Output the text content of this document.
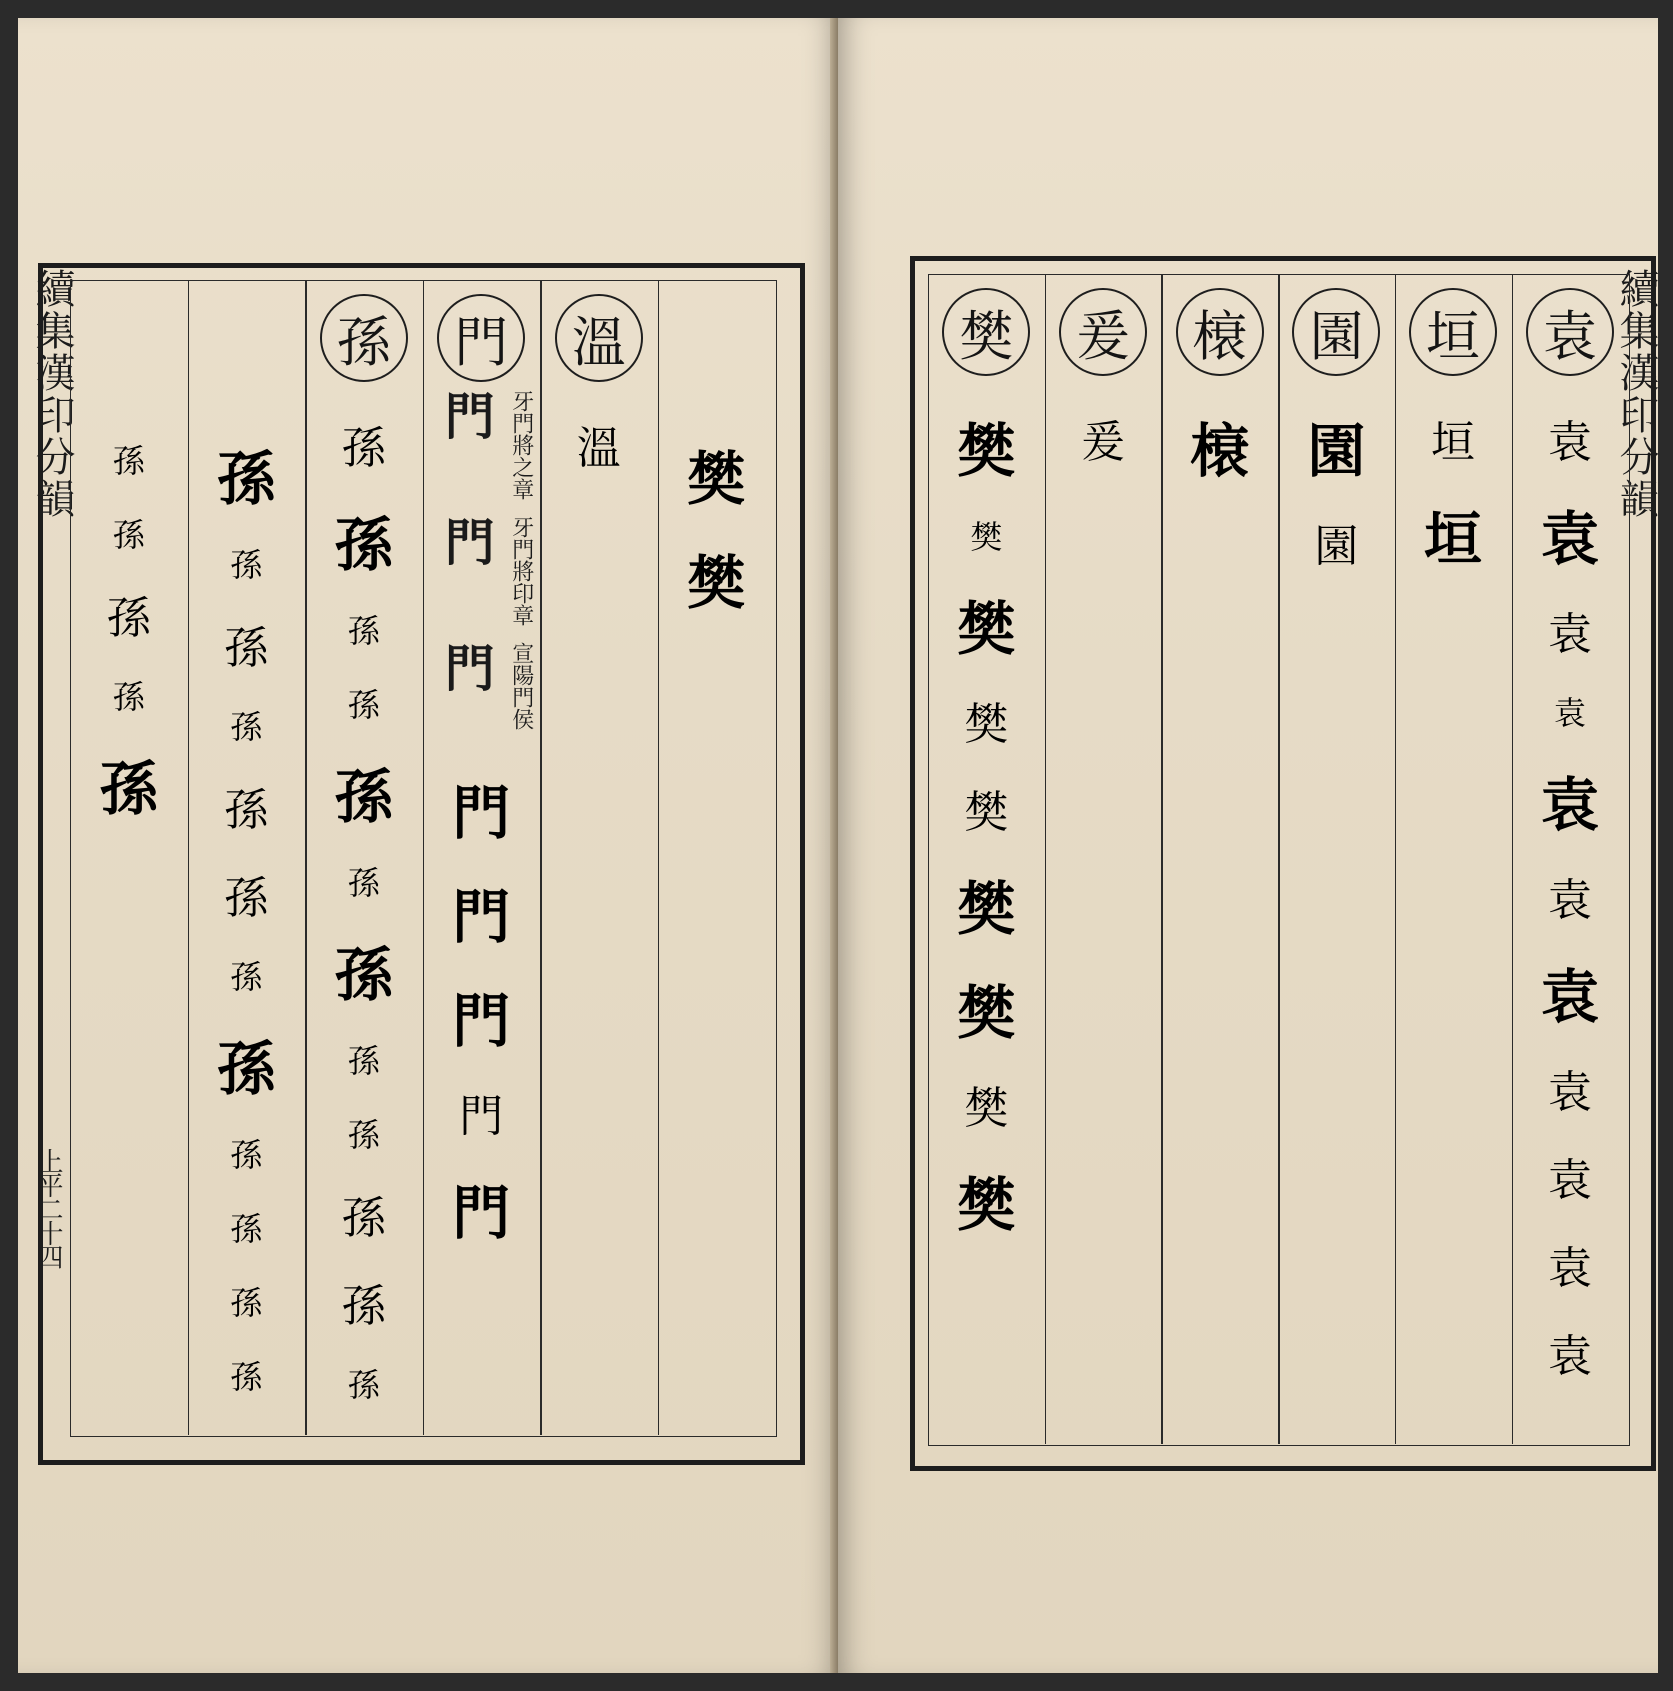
續集漢印分韻
上平二十四
樊
樊
溫
溫
門
門 牙門將之章
門 牙門將印章
門 宣陽門侯
門
門
門
門
門
孫
孫
孫
孫
孫
孫
孫
孫
孫
孫
孫
孫
孫
孫
孫
孫
孫
孫
孫
孫
孫
孫
孫
孫
孫
孫
孫
孫
孫
孫
續集漢印分韻
袁
袁
袁
袁
袁
袁
袁
袁
袁
袁
袁
袁
垣
垣
垣
園
園
園
榱
榱
爰
爰
樊
樊
樊
樊
樊
樊
樊
樊
樊
樊
